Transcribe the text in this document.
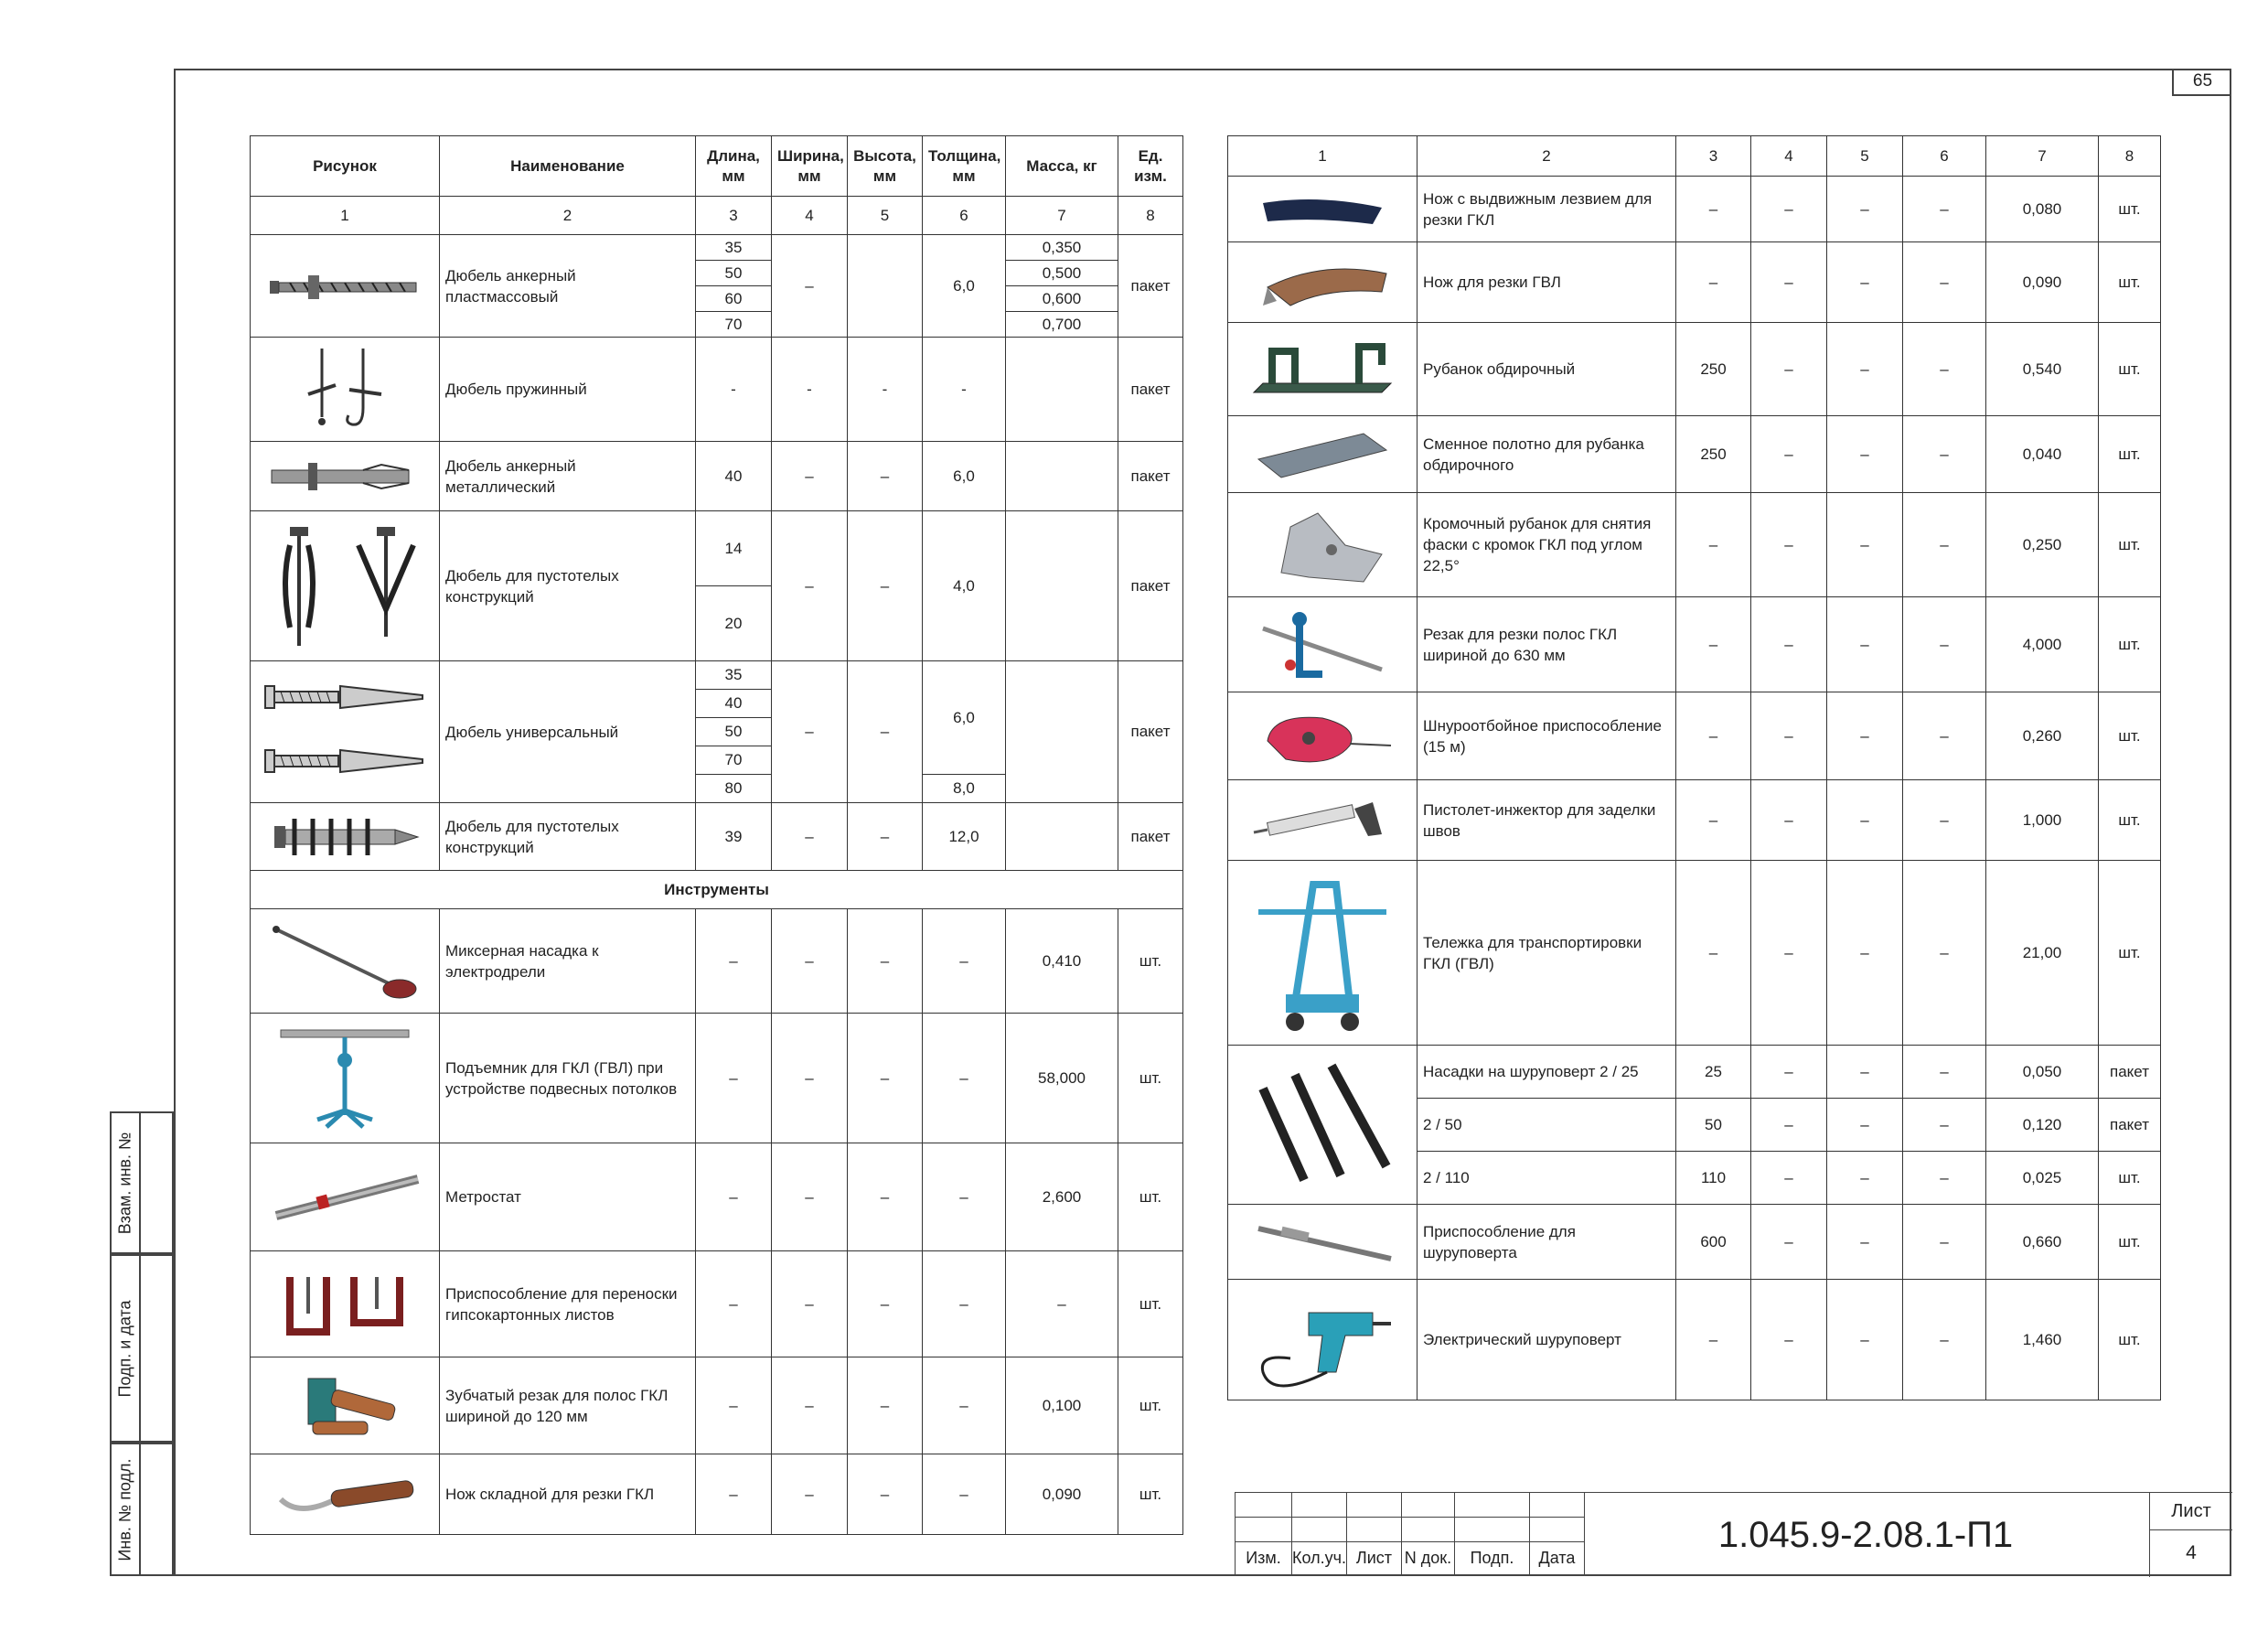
65
Взам. инв. №
Подп. и дата
Инв. № подл.
Рисунок	Наименование	Длина, мм	Ширина, мм	Высота, мм	Толщина, мм	Масса, кг	Ед. изм.
1	2	3	4	5	6	7	8

	Дюбель анкерный пластмассовый	35	–		6,0	0,350	пакет
		50				0,500	
		60				0,600	
		70				0,700	

	Дюбель пружинный	-	-	-	-		пакет

	Дюбель анкерный металлический	40	–	–	6,0		пакет

	Дюбель для пустотелых конструкций	14	–	–	4,0		пакет
		20					

	Дюбель универсальный	35	–	–	6,0		пакет
		40					
		50					
		70					
		80			8,0		

	Дюбель для пустотелых конструкций	39	–	–	12,0		пакет
Инструменты							

	Миксерная насадка к электродрели	–	–	–	–	0,410	шт.

	Подъемник для ГКЛ (ГВЛ) при устройстве подвесных потолков	–	–	–	–	58,000	шт.

	Метростат	–	–	–	–	2,600	шт.

	Приспособление для переноски гипсокартонных листов	–	–	–	–	–	шт.

	Зубчатый резак для полос ГКЛ шириной до 120 мм	–	–	–	–	0,100	шт.

	Нож складной для резки ГКЛ	–	–	–	–	0,090	шт.
1	2	3	4	5	6	7	8

	Нож с выдвижным лезвием для резки ГКЛ	–	–	–	–	0,080	шт.

	Нож для резки ГВЛ	–	–	–	–	0,090	шт.

	Рубанок обдирочный	250	–	–	–	0,540	шт.

	Сменное полотно для рубанка обдирочного	250	–	–	–	0,040	шт.

	Кромочный рубанок для снятия фаски с кромок ГКЛ под углом 22,5°	–	–	–	–	0,250	шт.

	Резак для резки полос ГКЛ шириной до 630 мм	–	–	–	–	4,000	шт.

	Шнуроотбойное приспособление (15 м)	–	–	–	–	0,260	шт.

	Пистолет-инжектор для заделки швов	–	–	–	–	1,000	шт.

	Тележка для транспортировки ГКЛ (ГВЛ)	–	–	–	–	21,00	шт.

	Насадки на шуруповерт 2 / 25	25	–	–	–	0,050	пакет
	2 / 50	50	–	–	–	0,120	пакет
	2 / 110	110	–	–	–	0,025	шт.

	Приспособление для шуруповерта	600	–	–	–	0,660	шт.

	Электрический шуруповерт	–	–	–	–	1,460	шт.

Изм.	Кол.уч.	Лист	N док.	Подп.	Дата
1.045.9-2.08.1-П1
Лист
4
